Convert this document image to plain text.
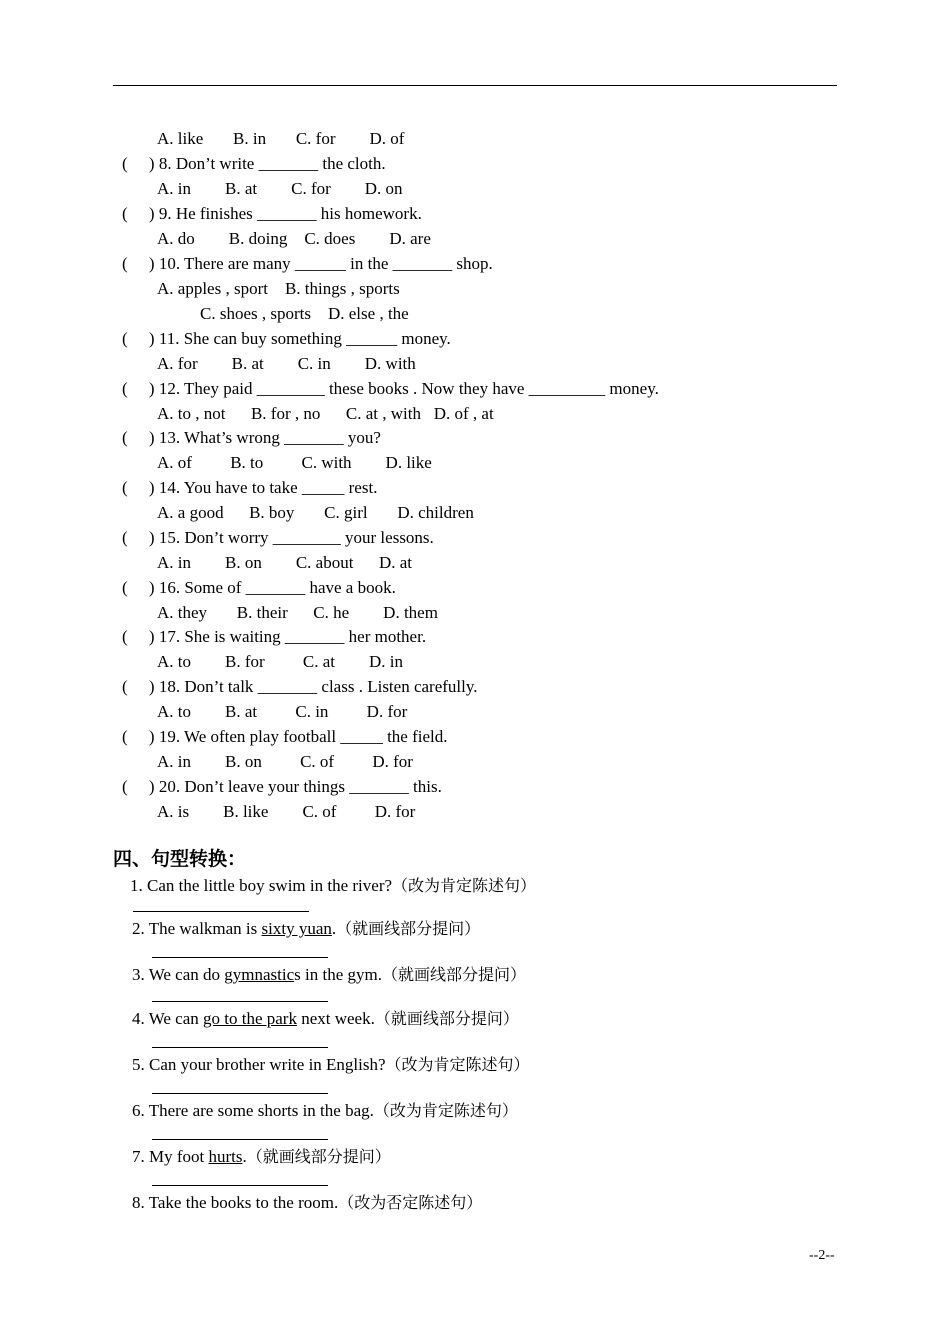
A. like       B. in       C. for        D. of
(     ) 8. Don’t write _______ the cloth.
A. in        B. at        C. for        D. on
(     ) 9. He finishes _______ his homework.
A. do        B. doing    C. does        D. are
(     ) 10. There are many ______ in the _______ shop.
A. apples , sport    B. things , sports
C. shoes , sports    D. else , the
(     ) 11. She can buy something ______ money.
A. for        B. at        C. in        D. with
(     ) 12. They paid ________ these books . Now they have _________ money.
A. to , not      B. for , no      C. at , with   D. of , at
(     ) 13. What’s wrong _______ you?
A. of         B. to         C. with        D. like
(     ) 14. You have to take _____ rest.
A. a good      B. boy       C. girl       D. children
(     ) 15. Don’t worry ________ your lessons.
A. in        B. on        C. about      D. at
(     ) 16. Some of _______ have a book.
A. they       B. their      C. he        D. them
(     ) 17. She is waiting _______ her mother.
A. to        B. for         C. at        D. in
(     ) 18. Don’t talk _______ class . Listen carefully.
A. to        B. at         C. in         D. for
(     ) 19. We often play football _____ the field.
A. in        B. on         C. of         D. for
(     ) 20. Don’t leave your things _______ this.
A. is        B. like        C. of         D. for
四、句型转换：
1. Can the little boy swim in the river?（改为肯定陈述句）
2. The walkman is sixty yuan.（就画线部分提问）
3. We can do gymnastics in the gym.（就画线部分提问）
4. We can go to the park next week.（就画线部分提问）
5. Can your brother write in English?（改为肯定陈述句）
6. There are some shorts in the bag.（改为肯定陈述句）
7. My foot hurts.（就画线部分提问）
8. Take the books to the room.（改为否定陈述句）
--2--
